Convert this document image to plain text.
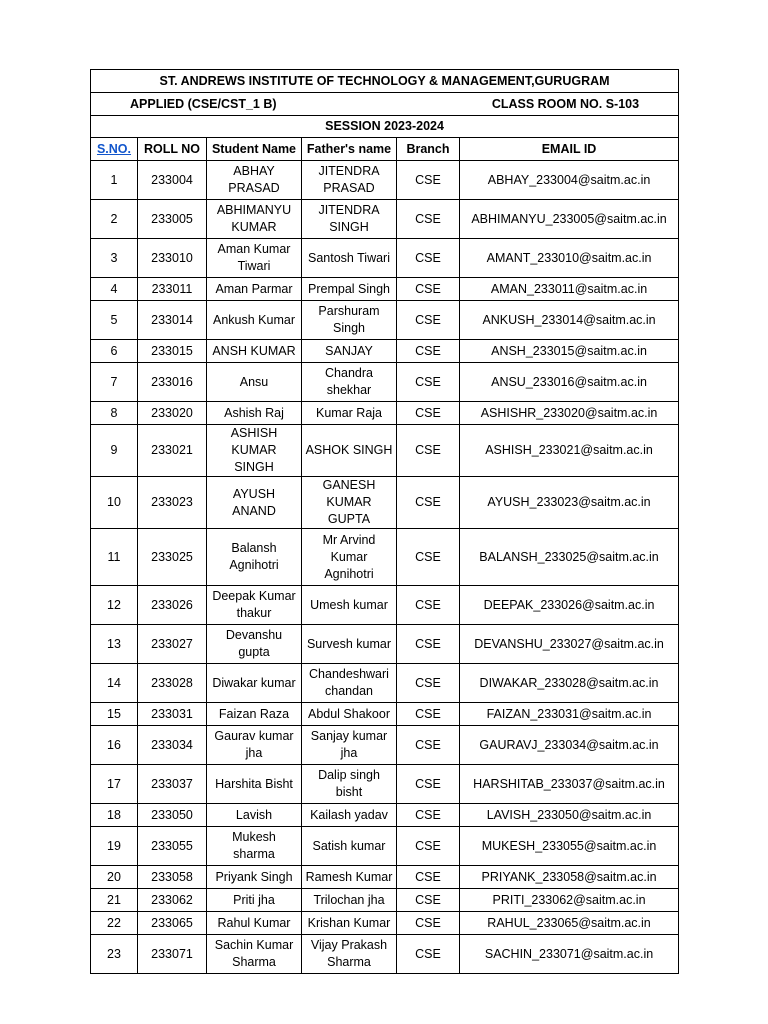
ST. ANDREWS INSTITUTE OF TECHNOLOGY & MANAGEMENT,GURUGRAM					

APPLIED (CSE/CST_1 B) CLASS ROOM NO. S-103					

SESSION 2023-2024					
S.NO.	ROLL NO	Student Name	Father's name	Branch	EMAIL ID
1	233004	ABHAY PRASAD	JITENDRA PRASAD	CSE	ABHAY_233004@saitm.ac.in
2	233005	ABHIMANYU KUMAR	JITENDRA SINGH	CSE	ABHIMANYU_233005@saitm.ac.in
3	233010	Aman Kumar Tiwari	Santosh Tiwari	CSE	AMANT_233010@saitm.ac.in
4	233011	Aman Parmar	Prempal Singh	CSE	AMAN_233011@saitm.ac.in
5	233014	Ankush Kumar	Parshuram Singh	CSE	ANKUSH_233014@saitm.ac.in
6	233015	ANSH KUMAR	SANJAY	CSE	ANSH_233015@saitm.ac.in
7	233016	Ansu	Chandra shekhar	CSE	ANSU_233016@saitm.ac.in
8	233020	Ashish Raj	Kumar Raja	CSE	ASHISHR_233020@saitm.ac.in
9	233021	ASHISH KUMAR SINGH	ASHOK SINGH	CSE	ASHISH_233021@saitm.ac.in
10	233023	AYUSH ANAND	GANESH KUMAR GUPTA	CSE	AYUSH_233023@saitm.ac.in
11	233025	Balansh Agnihotri	Mr Arvind Kumar Agnihotri	CSE	BALANSH_233025@saitm.ac.in
12	233026	Deepak Kumar thakur	Umesh kumar	CSE	DEEPAK_233026@saitm.ac.in
13	233027	Devanshu gupta	Survesh kumar	CSE	DEVANSHU_233027@saitm.ac.in
14	233028	Diwakar kumar	Chandeshwari chandan	CSE	DIWAKAR_233028@saitm.ac.in
15	233031	Faizan Raza	Abdul Shakoor	CSE	FAIZAN_233031@saitm.ac.in
16	233034	Gaurav kumar jha	Sanjay kumar jha	CSE	GAURAVJ_233034@saitm.ac.in
17	233037	Harshita Bisht	Dalip singh bisht	CSE	HARSHITAB_233037@saitm.ac.in
18	233050	Lavish	Kailash yadav	CSE	LAVISH_233050@saitm.ac.in
19	233055	Mukesh sharma	Satish kumar	CSE	MUKESH_233055@saitm.ac.in
20	233058	Priyank Singh	Ramesh Kumar	CSE	PRIYANK_233058@saitm.ac.in
21	233062	Priti jha	Trilochan jha	CSE	PRITI_233062@saitm.ac.in
22	233065	Rahul Kumar	Krishan Kumar	CSE	RAHUL_233065@saitm.ac.in
23	233071	Sachin Kumar Sharma	Vijay Prakash Sharma	CSE	SACHIN_233071@saitm.ac.in
